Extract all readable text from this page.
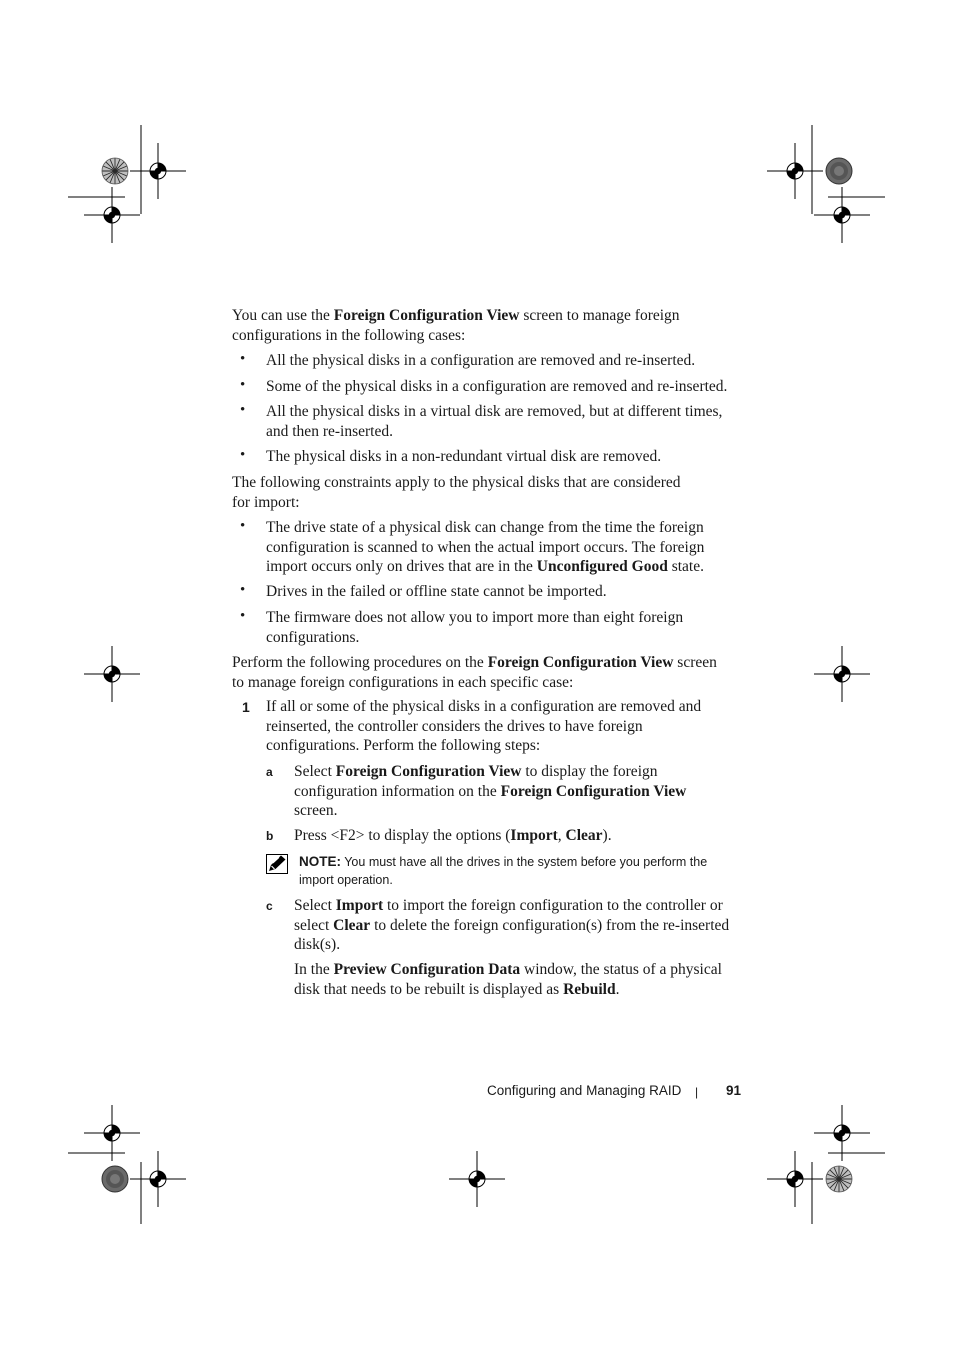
You can use the Foreign Configuration View screen to manage foreign
configurations in the following cases:
• All the physical disks in a configuration are removed and re-inserted.
• Some of the physical disks in a configuration are removed and re-inserted.
• All the physical disks in a virtual disk are removed, but at different times,
and then re-inserted.
• The physical disks in a non-redundant virtual disk are removed.
The following constraints apply to the physical disks that are considered
for import:
• The drive state of a physical disk can change from the time the foreign
configuration is scanned to when the actual import occurs. The foreign
import occurs only on drives that are in the Unconfigured Good state.
• Drives in the failed or offline state cannot be imported.
• The firmware does not allow you to import more than eight foreign
configurations.
Perform the following procedures on the Foreign Configuration View screen
to manage foreign configurations in each specific case:
1 If all or some of the physical disks in a configuration are removed and
reinserted, the controller considers the drives to have foreign
configurations. Perform the following steps:
a Select Foreign Configuration View to display the foreign
configuration information on the Foreign Configuration View
screen.
b Press <F2> to display the options (Import, Clear).
NOTE: You must have all the drives in the system before you perform the
import operation.
c Select Import to import the foreign configuration to the controller or
select Clear to delete the foreign configuration(s) from the re-inserted
disk(s).
In the Preview Configuration Data window, the status of a physical
disk that needs to be rebuilt is displayed as Rebuild.
Configuring and Managing RAID | 91
